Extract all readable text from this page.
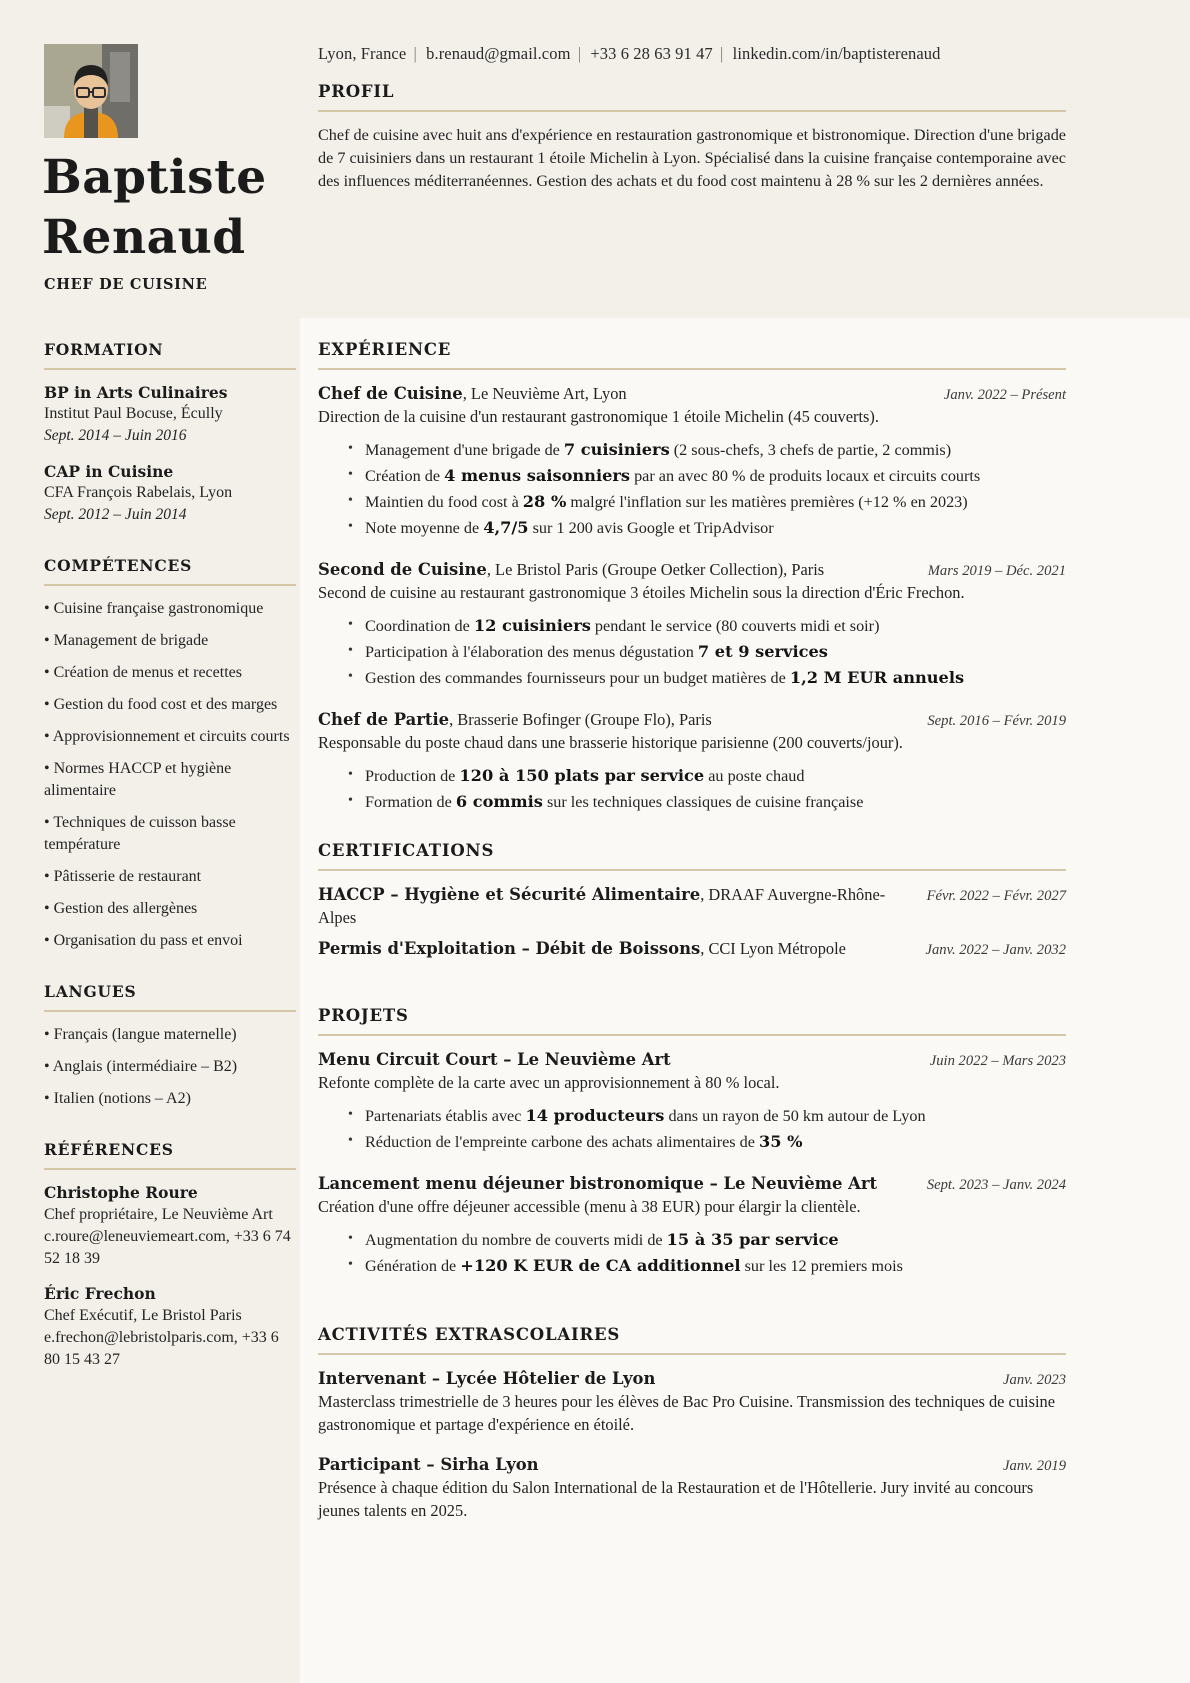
Baptiste
Renaud
CHEF DE CUISINE
Lyon, France | b.renaud@gmail.com | +33 6 28 63 91 47 | linkedin.com/in/baptisterenaud
PROFIL
Chef de cuisine avec huit ans d'expérience en restauration gastronomique et bistronomique. Direction d'une brigade de 7 cuisiniers dans un restaurant 1 étoile Michelin à Lyon. Spécialisé dans la cuisine française contemporaine avec des influences méditerranéennes. Gestion des achats et du food cost maintenu à 28 % sur les 2 dernières années.
FORMATION
BP in Arts Culinaires
Institut Paul Bocuse, Écully
Sept. 2014 – Juin 2016
CAP in Cuisine
CFA François Rabelais, Lyon
Sept. 2012 – Juin 2014
COMPÉTENCES
• Cuisine française gastronomique
• Management de brigade
• Création de menus et recettes
• Gestion du food cost et des marges
• Approvisionnement et circuits courts
• Normes HACCP et hygiène alimentaire
• Techniques de cuisson basse température
• Pâtisserie de restaurant
• Gestion des allergènes
• Organisation du pass et envoi
LANGUES
• Français (langue maternelle)
• Anglais (intermédiaire – B2)
• Italien (notions – A2)
RÉFÉRENCES
Christophe Roure
Chef propriétaire, Le Neuvième Art
c.roure@leneuviemeart.com, +33 6 74 52 18 39
Éric Frechon
Chef Exécutif, Le Bristol Paris
e.frechon@lebristolparis.com, +33 6 80 15 43 27
EXPÉRIENCE
Chef de Cuisine, Le Neuvième Art, Lyon	Janv. 2022 – Présent
Direction de la cuisine d'un restaurant gastronomique 1 étoile Michelin (45 couverts).
• Management d'une brigade de 7 cuisiniers (2 sous-chefs, 3 chefs de partie, 2 commis)
• Création de 4 menus saisonniers par an avec 80 % de produits locaux et circuits courts
• Maintien du food cost à 28 % malgré l'inflation sur les matières premières (+12 % en 2023)
• Note moyenne de 4,7/5 sur 1 200 avis Google et TripAdvisor
Second de Cuisine, Le Bristol Paris (Groupe Oetker Collection), Paris	Mars 2019 – Déc. 2021
Second de cuisine au restaurant gastronomique 3 étoiles Michelin sous la direction d'Éric Frechon.
• Coordination de 12 cuisiniers pendant le service (80 couverts midi et soir)
• Participation à l'élaboration des menus dégustation 7 et 9 services
• Gestion des commandes fournisseurs pour un budget matières de 1,2 M EUR annuels
Chef de Partie, Brasserie Bofinger (Groupe Flo), Paris	Sept. 2016 – Févr. 2019
Responsable du poste chaud dans une brasserie historique parisienne (200 couverts/jour).
• Production de 120 à 150 plats par service au poste chaud
• Formation de 6 commis sur les techniques classiques de cuisine française
CERTIFICATIONS
HACCP – Hygiène et Sécurité Alimentaire, DRAAF Auvergne-Rhône-Alpes
Févr. 2022 – Févr. 2027
Permis d'Exploitation – Débit de Boissons, CCI Lyon Métropole	Janv. 2022 – Janv. 2032
PROJETS
Menu Circuit Court – Le Neuvième Art	Juin 2022 – Mars 2023
Refonte complète de la carte avec un approvisionnement à 80 % local.
• Partenariats établis avec 14 producteurs dans un rayon de 50 km autour de Lyon
• Réduction de l'empreinte carbone des achats alimentaires de 35 %
Lancement menu déjeuner bistronomique – Le Neuvième Art	Sept. 2023 – Janv. 2024
Création d'une offre déjeuner accessible (menu à 38 EUR) pour élargir la clientèle.
• Augmentation du nombre de couverts midi de 15 à 35 par service
• Génération de +120 K EUR de CA additionnel sur les 12 premiers mois
ACTIVITÉS EXTRASCOLAIRES
Intervenant – Lycée Hôtelier de Lyon	Janv. 2023
Masterclass trimestrielle de 3 heures pour les élèves de Bac Pro Cuisine. Transmission des techniques de cuisine gastronomique et partage d'expérience en étoilé.
Participant – Sirha Lyon	Janv. 2019
Présence à chaque édition du Salon International de la Restauration et de l'Hôtellerie. Jury invité au concours jeunes talents en 2025.
